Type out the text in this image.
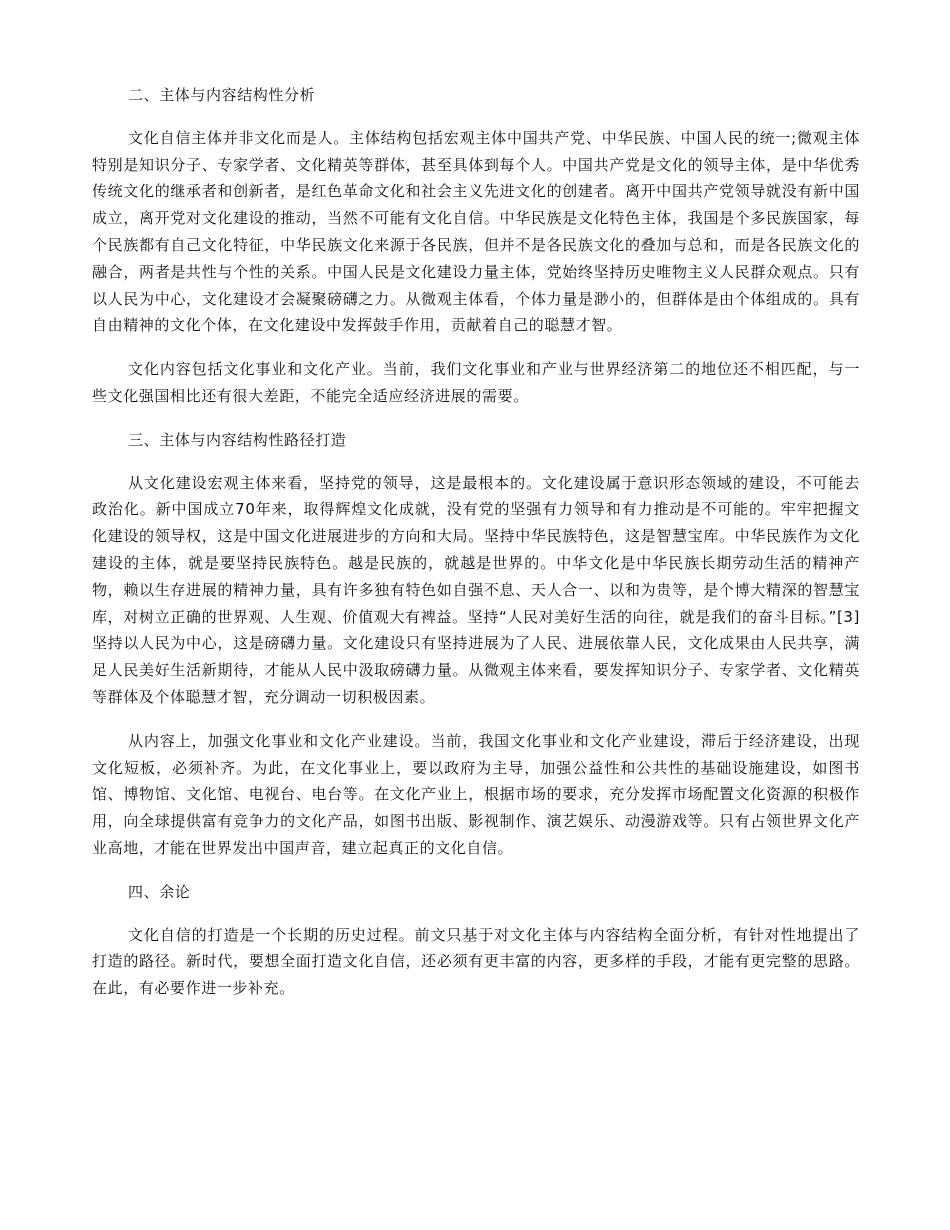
二、主体与内容结构性分析

文化自信主体并非文化而是人。主体结构包括宏观主体中国共产党、中华民族、中国人民的统一;微观主体特别是知识分子、专家学者、文化精英等群体，甚至具体到每个人。中国共产党是文化的领导主体，是中华优秀传统文化的继承者和创新者，是红色革命文化和社会主义先进文化的创建者。离开中国共产党领导就没有新中国成立，离开党对文化建设的推动，当然不可能有文化自信。中华民族是文化特色主体，我国是个多民族国家，每个民族都有自己文化特征，中华民族文化来源于各民族，但并不是各民族文化的叠加与总和，而是各民族文化的融合，两者是共性与个性的关系。中国人民是文化建设力量主体，党始终坚持历史唯物主义人民群众观点。只有以人民为中心，文化建设才会凝聚磅礴之力。从微观主体看，个体力量是渺小的，但群体是由个体组成的。具有自由精神的文化个体，在文化建设中发挥鼓手作用，贡献着自己的聪慧才智。

文化内容包括文化事业和文化产业。当前，我们文化事业和产业与世界经济第二的地位还不相匹配，与一些文化强国相比还有很大差距，不能完全适应经济进展的需要。

三、主体与内容结构性路径打造

从文化建设宏观主体来看，坚持党的领导，这是最根本的。文化建设属于意识形态领域的建设，不可能去政治化。新中国成立70年来，取得辉煌文化成就，没有党的坚强有力领导和有力推动是不可能的。牢牢把握文化建设的领导权，这是中国文化进展进步的方向和大局。坚持中华民族特色，这是智慧宝库。中华民族作为文化建设的主体，就是要坚持民族特色。越是民族的，就越是世界的。中华文化是中华民族长期劳动生活的精神产物，赖以生存进展的精神力量，具有许多独有特色如自强不息、天人合一、以和为贵等，是个博大精深的智慧宝库，对树立正确的世界观、人生观、价值观大有裨益。坚持“人民对美好生活的向往，就是我们的奋斗目标。”[3]坚持以人民为中心，这是磅礴力量。文化建设只有坚持进展为了人民、进展依靠人民，文化成果由人民共享，满足人民美好生活新期待，才能从人民中汲取磅礴力量。从微观主体来看，要发挥知识分子、专家学者、文化精英等群体及个体聪慧才智，充分调动一切积极因素。

从内容上，加强文化事业和文化产业建设。当前，我国文化事业和文化产业建设，滞后于经济建设，出现文化短板，必须补齐。为此，在文化事业上，要以政府为主导，加强公益性和公共性的基础设施建设，如图书馆、博物馆、文化馆、电视台、电台等。在文化产业上，根据市场的要求，充分发挥市场配置文化资源的积极作用，向全球提供富有竞争力的文化产品，如图书出版、影视制作、演艺娱乐、动漫游戏等。只有占领世界文化产业高地，才能在世界发出中国声音，建立起真正的文化自信。

四、余论

文化自信的打造是一个长期的历史过程。前文只基于对文化主体与内容结构全面分析，有针对性地提出了打造的路径。新时代，要想全面打造文化自信，还必须有更丰富的内容，更多样的手段，才能有更完整的思路。在此，有必要作进一步补充。
